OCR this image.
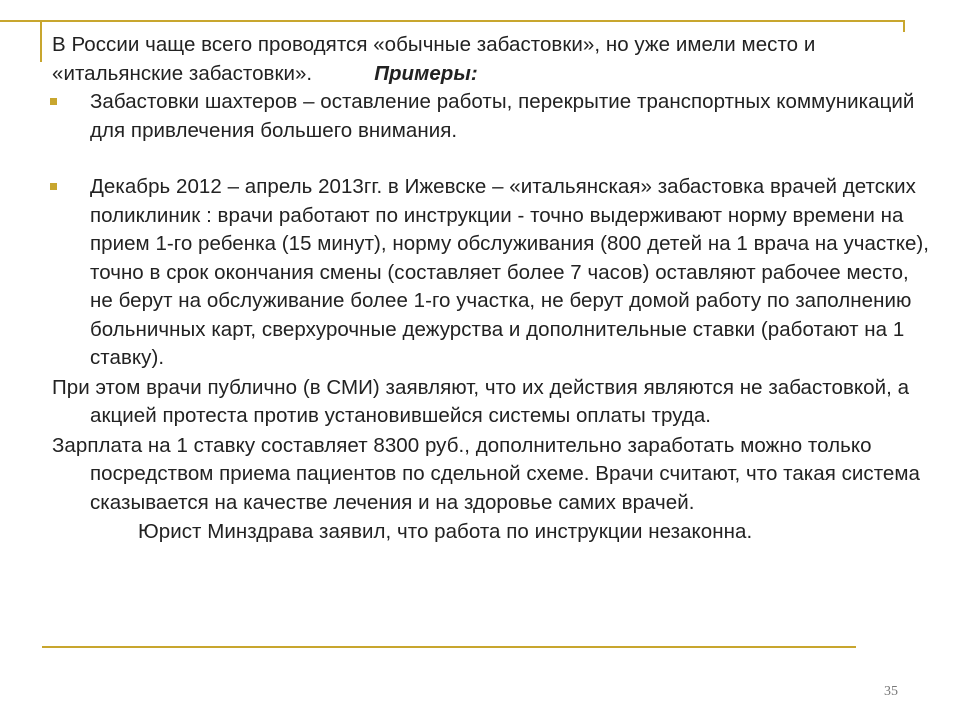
В России чаще всего проводятся «обычные забастовки», но уже имели место и «итальянские забастовки».	Примеры:

Забастовки шахтеров – оставление работы, перекрытие транспортных коммуникаций для привлечения большего внимания.

Декабрь 2012 – апрель 2013гг. в Ижевске – «итальянская» забастовка врачей детских поликлиник : врачи работают по инструкции - точно выдерживают норму времени на прием 1-го ребенка (15 минут), норму обслуживания (800 детей на 1 врача на участке), точно в срок окончания смены (составляет более 7 часов) оставляют рабочее место, не берут на обслуживание более 1-го участка, не берут домой работу по заполнению больничных карт, сверхурочные дежурства и дополнительные ставки (работают на 1 ставку).

При этом врачи публично (в СМИ) заявляют, что их действия являются не забастовкой, а акцией протеста против установившейся системы оплаты труда.

Зарплата на 1 ставку составляет 8300 руб., дополнительно заработать можно только посредством приема пациентов по сдельной схеме. Врачи считают, что такая система сказывается на качестве лечения и на здоровье самих врачей.

Юрист Минздрава заявил, что работа по инструкции незаконна.

35
